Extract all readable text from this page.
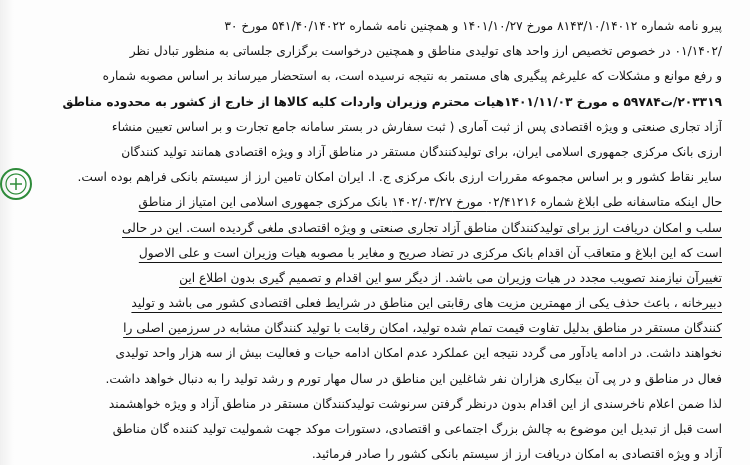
پیرو نامه شماره ۸۱۴۳/۱۰/۱۴۰۱۲ مورخ ۱۴۰۱/۱۰/۲۷ و همچنین نامه شماره ۵۴۱/۴۰/۱۴۰۲۲ مورخ ۳۰
/۰۱/۱۴۰۲ در خصوص تخصیص ارز واحد های تولیدی مناطق و همچنین درخواست برگزاری جلساتی به منظور تبادل نظر
و رفع موانع و مشکلات که علیرغم پیگیری های مستمر به نتیجه نرسیده است، به استحضار میرساند بر اساس مصوبه شماره
۲۰۳۳۱۹/ت۵۹۷۸۴ ه مورخ ۱۴۰۱/۱۱/۰۳هیات محترم وزیران واردات کلیه کالاها از خارج از کشور به محدوده مناطق
آزاد تجاری صنعتی و ویژه اقتصادی پس از ثبت آماری ( ثبت سفارش در بستر سامانه جامع تجارت و بر اساس تعیین منشاء
ارزی بانک مرکزی جمهوری اسلامی ایران، برای تولیدکنندگان مستقر در مناطق آزاد و ویژه اقتصادی همانند تولید کنندگان
سایر نقاط کشور و بر اساس مجموعه مقررات ارزی بانک مرکزی ج. ا. ایران امکان تامین ارز از سیستم بانکی فراهم بوده است.
حال اینکه متاسفانه طی ابلاغ شماره ۰۲/۴۱۲۱۶ مورخ ۱۴۰۲/۰۳/۲۷ بانک مرکزی جمهوری اسلامی این امتیاز از مناطق
سلب و امکان دریافت ارز برای تولیدکنندگان مناطق آزاد تجاری صنعتی و ویژه اقتصادی ملغی گردیده است. این در حالی
است که این ابلاغ و متعاقب آن اقدام بانک مرکزی در تضاد صریح و مغایر با مصوبه هیات وزیران است و علی الاصول
تغییرآن نیازمند تصویب مجدد در هیات وزیران می باشد. از دیگر سو این اقدام و تصمیم گیری بدون اطلاع این
دبیرخانه ، باعث حذف یکی از مهمترین مزیت های رقابتی این مناطق در شرایط فعلی اقتصادی کشور می باشد و تولید
کنندگان مستقر در مناطق بدلیل تفاوت قیمت تمام شده تولید، امکان رقابت با تولید کنندگان مشابه در سرزمین اصلی را
نخواهند داشت. در ادامه یادآور می گردد نتیجه این عملکرد عدم امکان ادامه حیات و فعالیت بیش از سه هزار واحد تولیدی
فعال در مناطق و در پی آن بیکاری هزاران نفر شاغلین این مناطق در سال مهار تورم و رشد تولید را به دنبال خواهد داشت.
لذا ضمن اعلام ناخرسندی از این اقدام بدون درنظر گرفتن سرنوشت تولیدکنندگان مستقر در مناطق آزاد و ویژه خواهشمند
است قبل از تبدیل این موضوع به چالش بزرگ اجتماعی و اقتصادی، دستورات موکد جهت شمولیت تولید کننده گان مناطق
آزاد و ویژه اقتصادی به امکان دریافت ارز از سیستم بانکی کشور را صادر فرمائید.
